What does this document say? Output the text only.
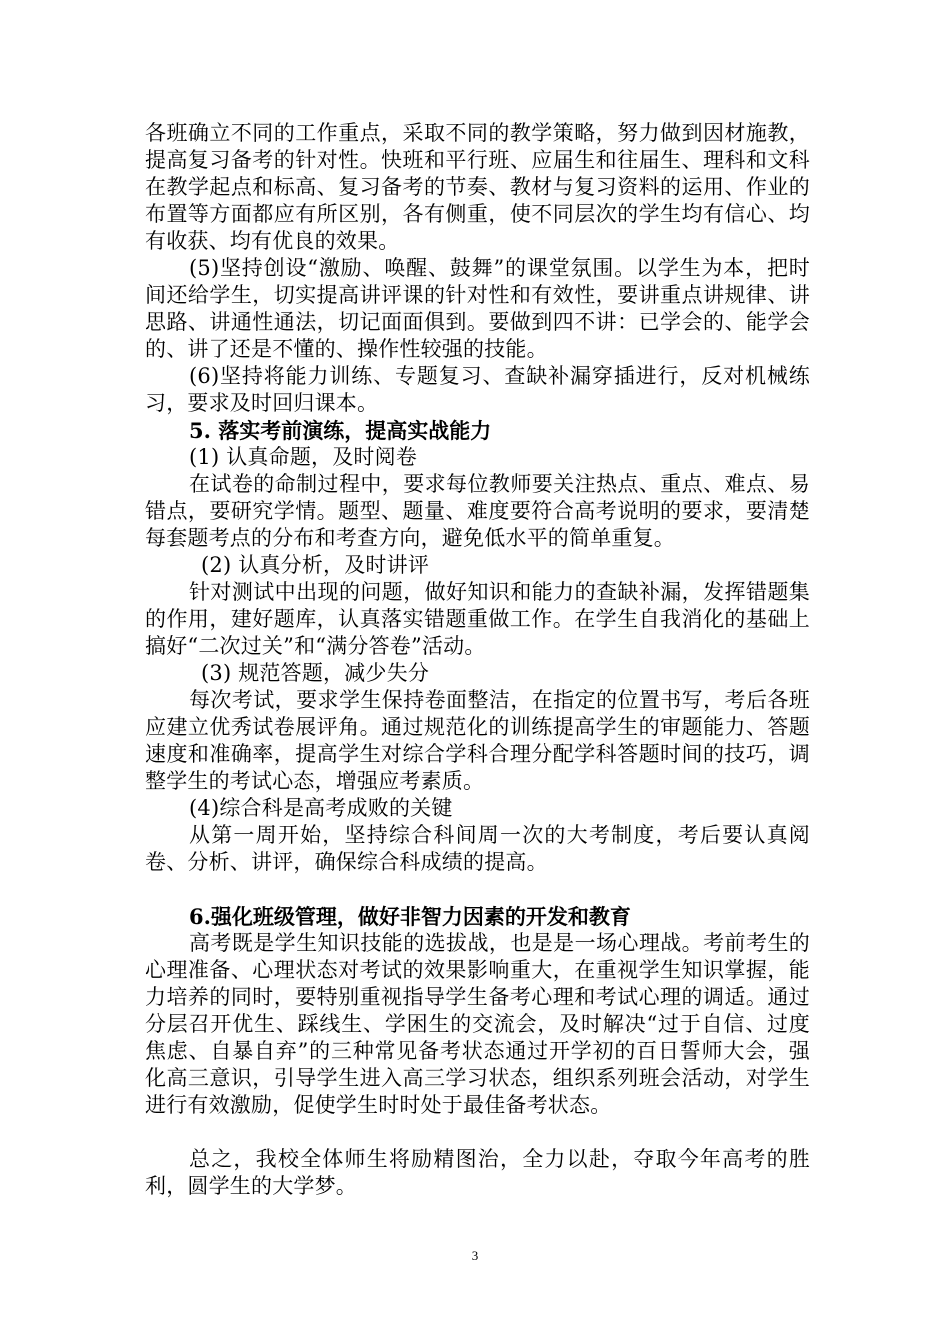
各班确立不同的工作重点，采取不同的教学策略，努力做到因材施教，提高复习备考的针对性。快班和平行班、应届生和往届生、理科和文科在教学起点和标高、复习备考的节奏、教材与复习资料的运用、作业的布置等方面都应有所区别，各有侧重，使不同层次的学生均有信心、均有收获、均有优良的效果。

(5)坚持创设“激励、唤醒、鼓舞”的课堂氛围。以学生为本，把时间还给学生，切实提高讲评课的针对性和有效性，要讲重点讲规律、讲思路、讲通性通法，切记面面俱到。要做到四不讲：已学会的、能学会的、讲了还是不懂的、操作性较强的技能。

(6)坚持将能力训练、专题复习、查缺补漏穿插进行，反对机械练习，要求及时回归课本。

5. 落实考前演练，提高实战能力

(1) 认真命题，及时阅卷

在试卷的命制过程中，要求每位教师要关注热点、重点、难点、易错点，要研究学情。题型、题量、难度要符合高考说明的要求，要清楚每套题考点的分布和考查方向，避免低水平的简单重复。

(2) 认真分析，及时讲评

针对测试中出现的问题，做好知识和能力的查缺补漏，发挥错题集的作用，建好题库，认真落实错题重做工作。在学生自我消化的基础上搞好“二次过关”和“满分答卷”活动。

(3) 规范答题，减少失分

每次考试，要求学生保持卷面整洁，在指定的位置书写，考后各班应建立优秀试卷展评角。通过规范化的训练提高学生的审题能力、答题速度和准确率，提高学生对综合学科合理分配学科答题时间的技巧，调整学生的考试心态，增强应考素质。

(4)综合科是高考成败的关键

从第一周开始，坚持综合科间周一次的大考制度，考后要认真阅卷、分析、讲评，确保综合科成绩的提高。

6.强化班级管理，做好非智力因素的开发和教育

高考既是学生知识技能的选拔战，也是是一场心理战。考前考生的心理准备、心理状态对考试的效果影响重大，在重视学生知识掌握，能力培养的同时，要特别重视指导学生备考心理和考试心理的调适。通过分层召开优生、踩线生、学困生的交流会，及时解决“过于自信、过度焦虑、自暴自弃”的三种常见备考状态通过开学初的百日誓师大会，强化高三意识，引导学生进入高三学习状态，组织系列班会活动，对学生进行有效激励，促使学生时时处于最佳备考状态。

总之，我校全体师生将励精图治，全力以赴，夺取今年高考的胜利，圆学生的大学梦。

3
